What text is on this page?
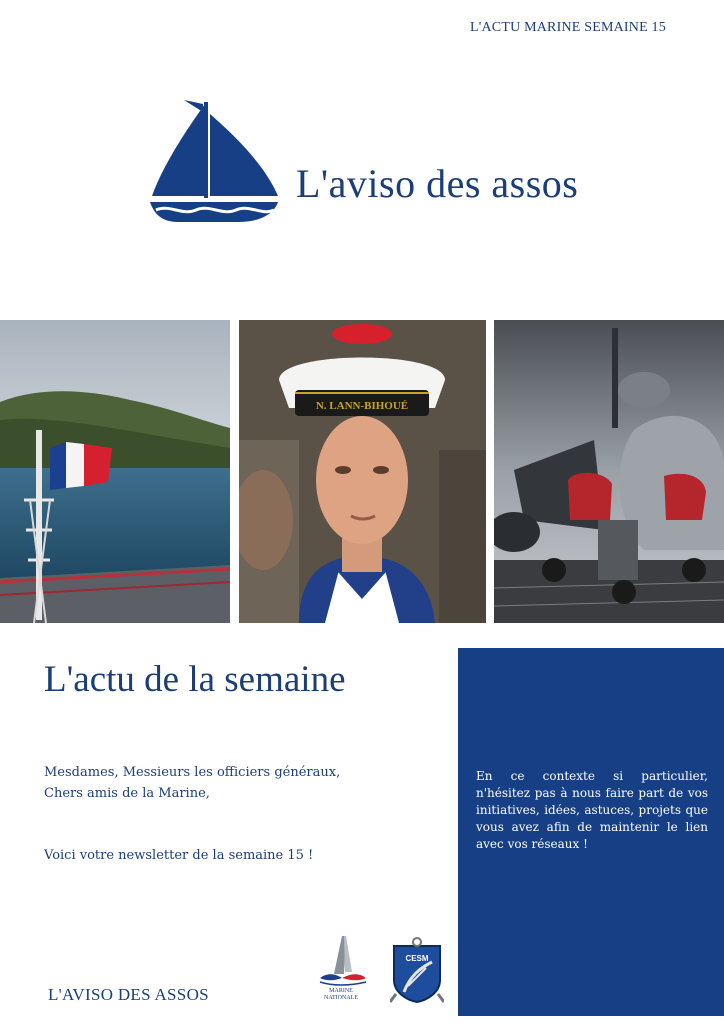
L'ACTU MARINE SEMAINE 15
L'aviso des assos
N. LANN-BIHOUÉ
L'actu de la semaine
Mesdames, Messieurs les officiers généraux,
Chers amis de la Marine,
Voici votre newsletter de la semaine 15 !
En ce contexte si particulier, n'hésitez pas à nous faire part de vos initiatives, idées, astuces, projets que vous avez afin de maintenir le lien avec vos réseaux !
L'AVISO DES ASSOS	MARINE NATIONALE
CESM
